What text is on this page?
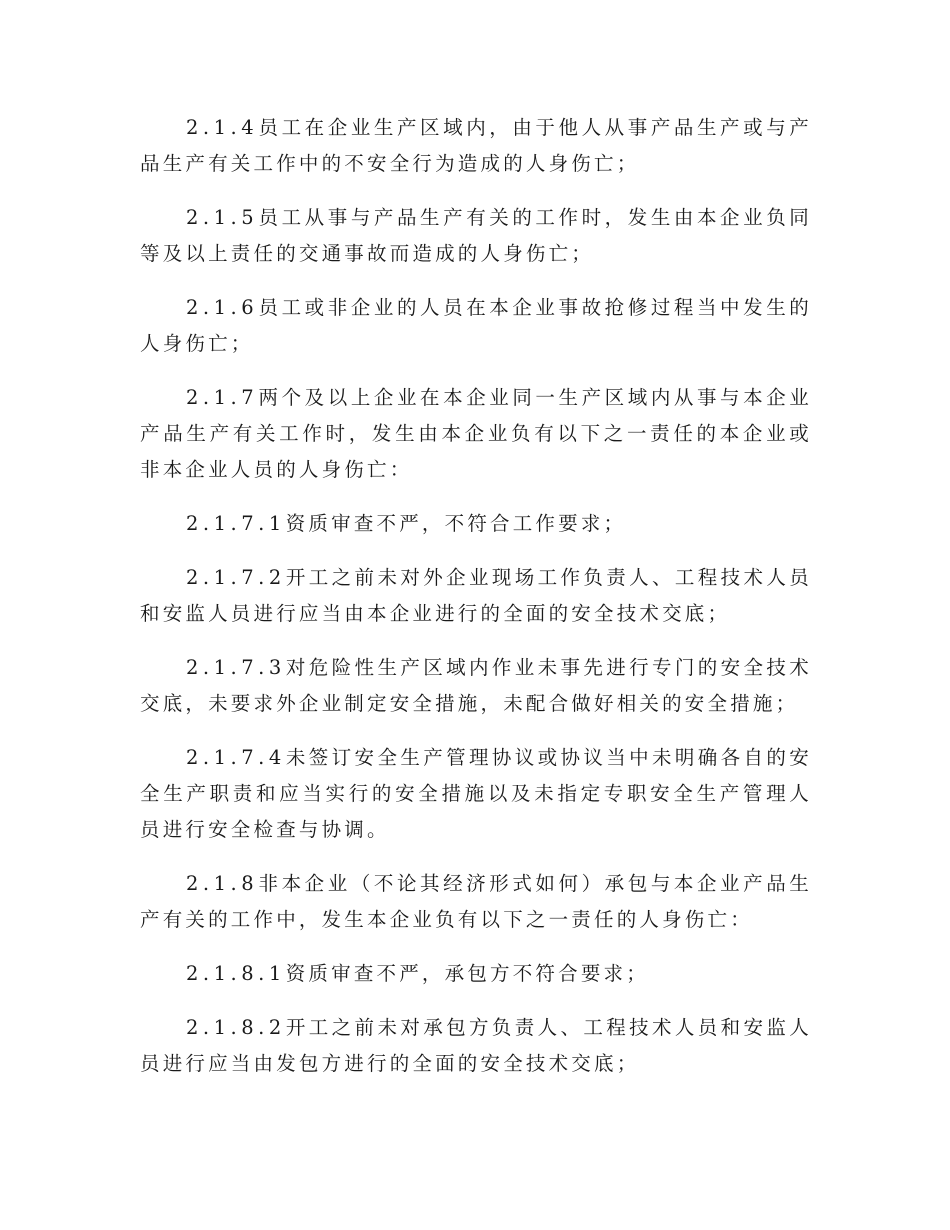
2.1.4员工在企业生产区域内，由于他人从事产品生产或与产品生产有关工作中的不安全行为造成的人身伤亡；

2.1.5员工从事与产品生产有关的工作时，发生由本企业负同等及以上责任的交通事故而造成的人身伤亡；

2.1.6员工或非企业的人员在本企业事故抢修过程当中发生的人身伤亡；

2.1.7两个及以上企业在本企业同一生产区域内从事与本企业产品生产有关工作时，发生由本企业负有以下之一责任的本企业或非本企业人员的人身伤亡：

2.1.7.1资质审查不严，不符合工作要求；

2.1.7.2开工之前未对外企业现场工作负责人、工程技术人员和安监人员进行应当由本企业进行的全面的安全技术交底；

2.1.7.3对危险性生产区域内作业未事先进行专门的安全技术交底，未要求外企业制定安全措施，未配合做好相关的安全措施；

2.1.7.4未签订安全生产管理协议或协议当中未明确各自的安全生产职责和应当实行的安全措施以及未指定专职安全生产管理人员进行安全检查与协调。

2.1.8非本企业（不论其经济形式如何）承包与本企业产品生产有关的工作中，发生本企业负有以下之一责任的人身伤亡：

2.1.8.1资质审查不严，承包方不符合要求；

2.1.8.2开工之前未对承包方负责人、工程技术人员和安监人员进行应当由发包方进行的全面的安全技术交底；
